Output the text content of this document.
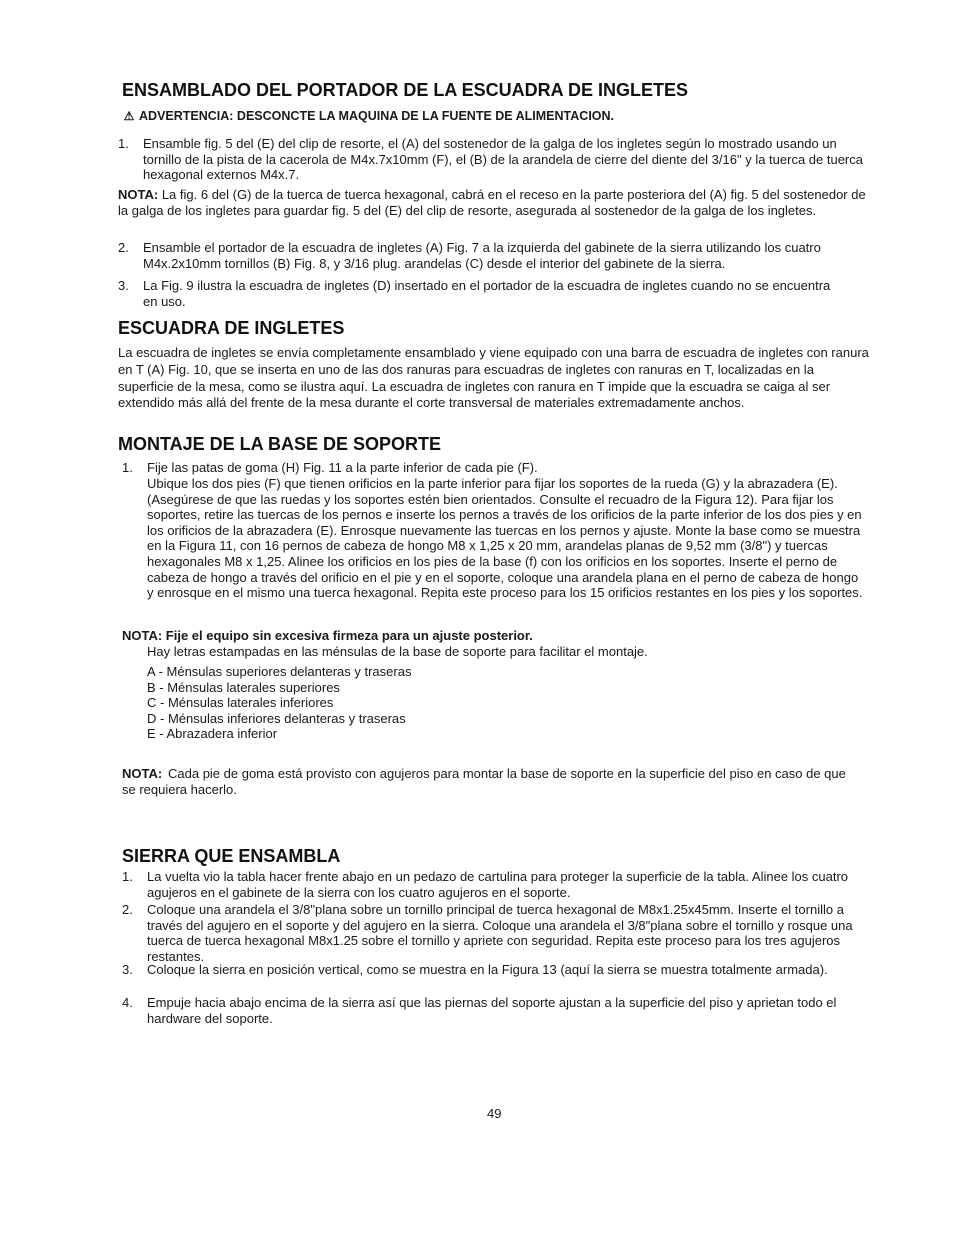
ENSAMBLADO DEL PORTADOR DE LA ESCUADRA DE INGLETES
⚠ ADVERTENCIA: DESCONCTE LA MAQUINA DE LA FUENTE DE ALIMENTACION.
1. Ensamble fig. 5 del (E) del clip de resorte, el (A) del sostenedor de la galga de los ingletes según lo mostrado usando un tornillo de la pista de la cacerola de M4x.7x10mm (F), el (B) de la arandela de cierre del diente del 3/16" y la tuerca de tuerca hexagonal externos M4x.7.

NOTA: La fig. 6 del (G) de la tuerca de tuerca hexagonal, cabrá en el receso en la parte posteriora del (A) fig. 5 del sostenedor de la galga de los ingletes para guardar fig. 5 del (E) del clip de resorte, asegurada al sostenedor de la galga de los ingletes.

2. Ensamble el portador de la escuadra de ingletes (A) Fig. 7 a la izquierda del gabinete de la sierra utilizando los cuatro M4x.2x10mm tornillos (B) Fig. 8, y 3/16 plug. arandelas (C) desde el interior del gabinete de la sierra.

3. La Fig. 9 ilustra la escuadra de ingletes (D) insertado en el portador de la escuadra de ingletes cuando no se encuentra en uso.

ESCUADRA DE INGLETES

La escuadra de ingletes se envía completamente ensamblado y viene equipado con una barra de escuadra de ingletes con ranura en T (A) Fig. 10, que se inserta en uno de las dos ranuras para escuadras de ingletes con ranuras en T, localizadas en la superficie de la mesa, como se ilustra aquí. La escuadra de ingletes con ranura en T impide que la escuadra se caiga al ser extendido más allá del frente de la mesa durante el corte transversal de materiales extremadamente anchos.

MONTAJE DE LA BASE DE SOPORTE
1. Fije las patas de goma (H) Fig. 11 a la parte inferior de cada pie (F).

Ubique los dos pies (F) que tienen orificios en la parte inferior para fijar los soportes de la rueda (G) y la abrazadera (E). (Asegúrese de que las ruedas y los soportes estén bien orientados. Consulte el recuadro de la Figura 12). Para fijar los soportes, retire las tuercas de los pernos e inserte los pernos a través de los orificios de la parte inferior de los dos pies y en los orificios de la abrazadera (E). Enrosque nuevamente las tuercas en los pernos y ajuste. Monte la base como se muestra en la Figura 11, con 16 pernos de cabeza de hongo M8 x 1,25 x 20 mm, arandelas planas de 9,52 mm (3/8") y tuercas hexagonales M8 x 1,25. Alinee los orificios en los pies de la base (f) con los orificios en los soportes. Inserte el perno de cabeza de hongo a través del orificio en el pie y en el soporte, coloque una arandela plana en el perno de cabeza de hongo y enrosque en el mismo una tuerca hexagonal. Repita este proceso para los 15 orificios restantes en los pies y los soportes.

NOTA: Fije el equipo sin excesiva firmeza para un ajuste posterior.

Hay letras estampadas en las ménsulas de la base de soporte para facilitar el montaje.

A - Ménsulas superiores delanteras y traseras

B - Ménsulas laterales superiores

C - Ménsulas laterales inferiores

D - Ménsulas inferiores delanteras y traseras

E - Abrazadera inferior

NOTA: Cada pie de goma está provisto con agujeros para montar la base de soporte en la superficie del piso en caso de que se requiera hacerlo.

SIERRA QUE ENSAMBLA
1. La vuelta vio la tabla hacer frente abajo en un pedazo de cartulina para proteger la superficie de la tabla. Alinee los cuatro agujeros en el gabinete de la sierra con los cuatro agujeros en el soporte.

2. Coloque una arandela el 3/8"plana sobre un tornillo principal de tuerca hexagonal de M8x1.25x45mm. Inserte el tornillo a través del agujero en el soporte y del agujero en la sierra. Coloque una arandela el 3/8"plana sobre el tornillo y rosque una tuerca de tuerca hexagonal M8x1.25 sobre el tornillo y apriete con seguridad. Repita este proceso para los tres agujeros restantes.

3. Coloque la sierra en posición vertical, como se muestra en la Figura 13 (aquí la sierra se muestra totalmente armada).

4. Empuje hacia abajo encima de la sierra así que las piernas del soporte ajustan a la superficie del piso y aprietan todo el hardware del soporte.

49
